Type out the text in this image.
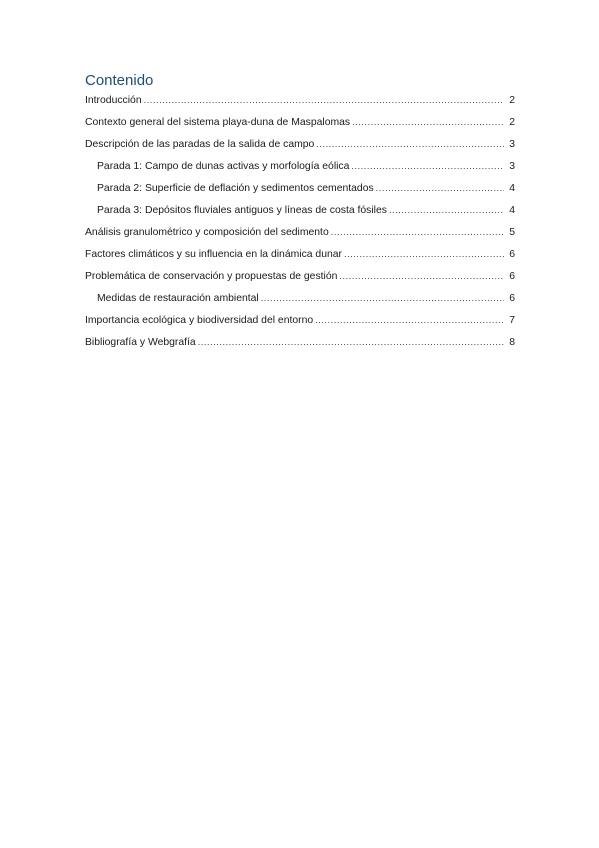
Contenido
Introducción .....	2
Contexto general del sistema playa-duna de Maspalomas .....	2
Descripción de las paradas de la salida de campo .....	3
Parada 1: Campo de dunas activas y morfología eólica .....	3
Parada 2: Superficie de deflación y sedimentos cementados .....	4
Parada 3: Depósitos fluviales antiguos y líneas de costa fósiles .....	4
Análisis granulométrico y composición del sedimento .....	5
Factores climáticos y su influencia en la dinámica dunar .....	6
Problemática de conservación y propuestas de gestión .....	6
Medidas de restauración ambiental .....	6
Importancia ecológica y biodiversidad del entorno .....	7
Bibliografía y Webgrafía .....	8
